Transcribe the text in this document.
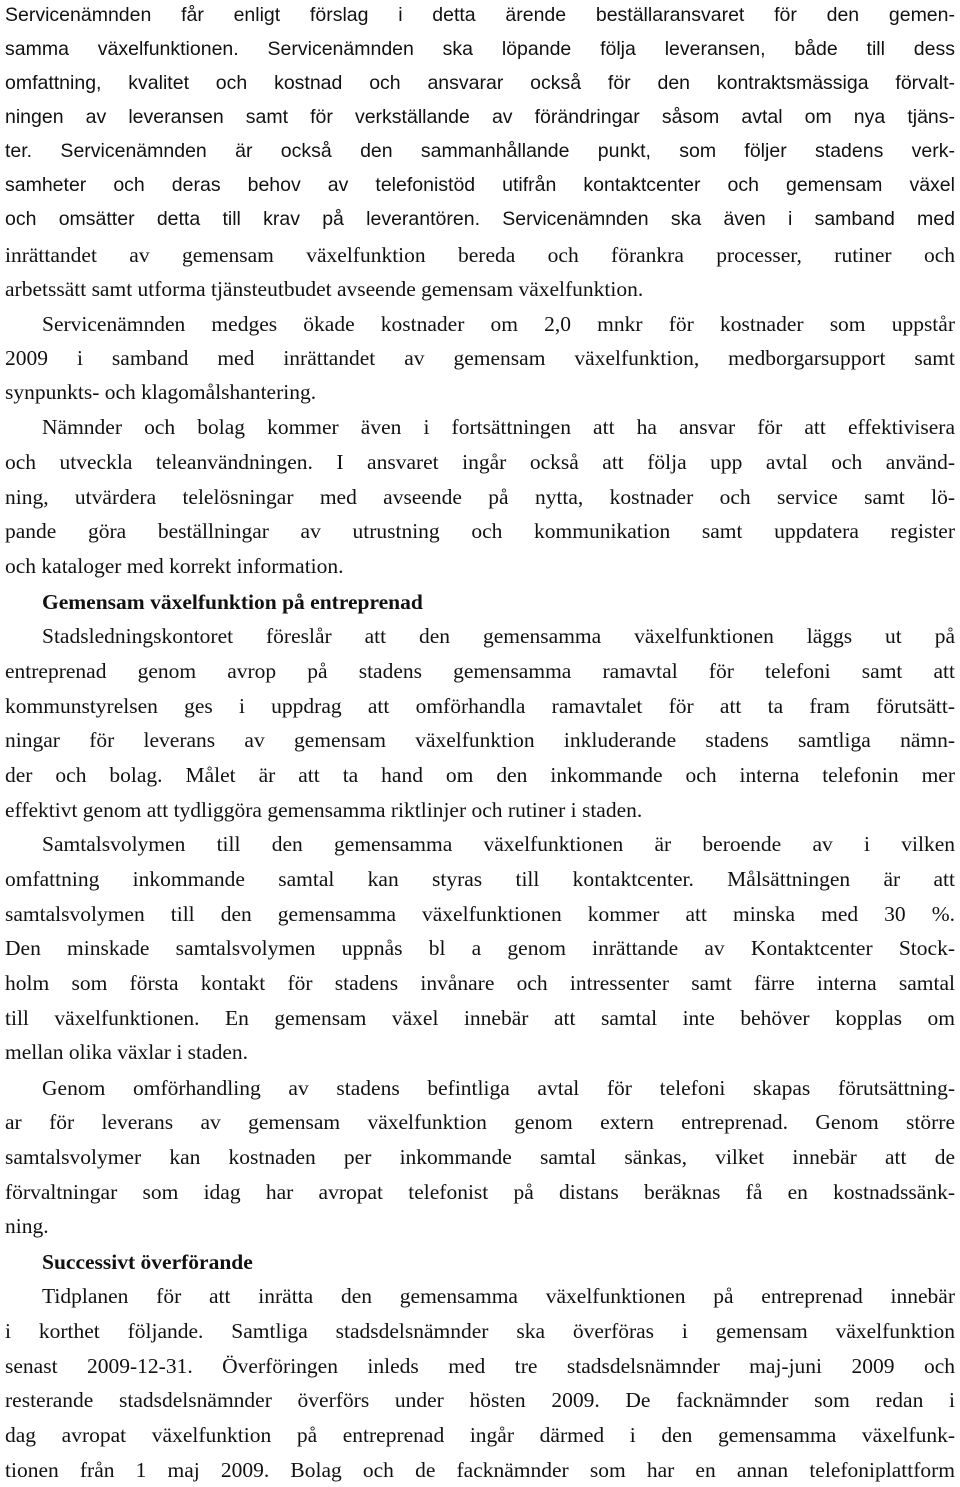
Servicenämnden får enligt förslag i detta ärende beställaransvaret för den gemen-
samma växelfunktionen. Servicenämnden ska löpande följa leveransen, både till dess
omfattning, kvalitet och kostnad och ansvarar också för den kontraktsmässiga förvalt-
ningen av leveransen samt för verkställande av förändringar såsom avtal om nya tjäns-
ter. Servicenämnden är också den sammanhållande punkt, som följer stadens verk-
samheter och deras behov av telefonistöd utifrån kontaktcenter och gemensam växel
och omsätter detta till krav på leverantören. Servicenämnden ska även i samband med
inrättandet av gemensam växelfunktion bereda och förankra processer, rutiner och
arbetssätt samt utforma tjänsteutbudet avseende gemensam växelfunktion.
Servicenämnden medges ökade kostnader om 2,0 mnkr för kostnader som uppstår
2009 i samband med inrättandet av gemensam växelfunktion, medborgarsupport samt
synpunkts- och klagomålshantering.
Nämnder och bolag kommer även i fortsättningen att ha ansvar för att effektivisera
och utveckla teleanvändningen. I ansvaret ingår också att följa upp avtal och använd-
ning, utvärdera telelösningar med avseende på nytta, kostnader och service samt lö-
pande göra beställningar av utrustning och kommunikation samt uppdatera register
och kataloger med korrekt information.
Gemensam växelfunktion på entreprenad
Stadsledningskontoret föreslår att den gemensamma växelfunktionen läggs ut på
entreprenad genom avrop på stadens gemensamma ramavtal för telefoni samt att
kommunstyrelsen ges i uppdrag att omförhandla ramavtalet för att ta fram förutsätt-
ningar för leverans av gemensam växelfunktion inkluderande stadens samtliga nämn-
der och bolag. Målet är att ta hand om den inkommande och interna telefonin mer
effektivt genom att tydliggöra gemensamma riktlinjer och rutiner i staden.
Samtalsvolymen till den gemensamma växelfunktionen är beroende av i vilken
omfattning inkommande samtal kan styras till kontaktcenter. Målsättningen är att
samtalsvolymen till den gemensamma växelfunktionen kommer att minska med 30 %.
Den minskade samtalsvolymen uppnås bl a genom inrättande av Kontaktcenter Stock-
holm som första kontakt för stadens invånare och intressenter samt färre interna samtal
till växelfunktionen. En gemensam växel innebär att samtal inte behöver kopplas om
mellan olika växlar i staden.
Genom omförhandling av stadens befintliga avtal för telefoni skapas förutsättning-
ar för leverans av gemensam växelfunktion genom extern entreprenad. Genom större
samtalsvolymer kan kostnaden per inkommande samtal sänkas, vilket innebär att de
förvaltningar som idag har avropat telefonist på distans beräknas få en kostnadssänk-
ning.
Successivt överförande
Tidplanen för att inrätta den gemensamma växelfunktionen på entreprenad innebär
i korthet följande. Samtliga stadsdelsnämnder ska överföras i gemensam växelfunktion
senast 2009-12-31. Överföringen inleds med tre stadsdelsnämnder maj-juni 2009 och
resterande stadsdelsnämnder överförs under hösten 2009. De facknämnder som redan i
dag avropat växelfunktion på entreprenad ingår därmed i den gemensamma växelfunk-
tionen från 1 maj 2009. Bolag och de facknämnder som har en annan telefoniplattform
